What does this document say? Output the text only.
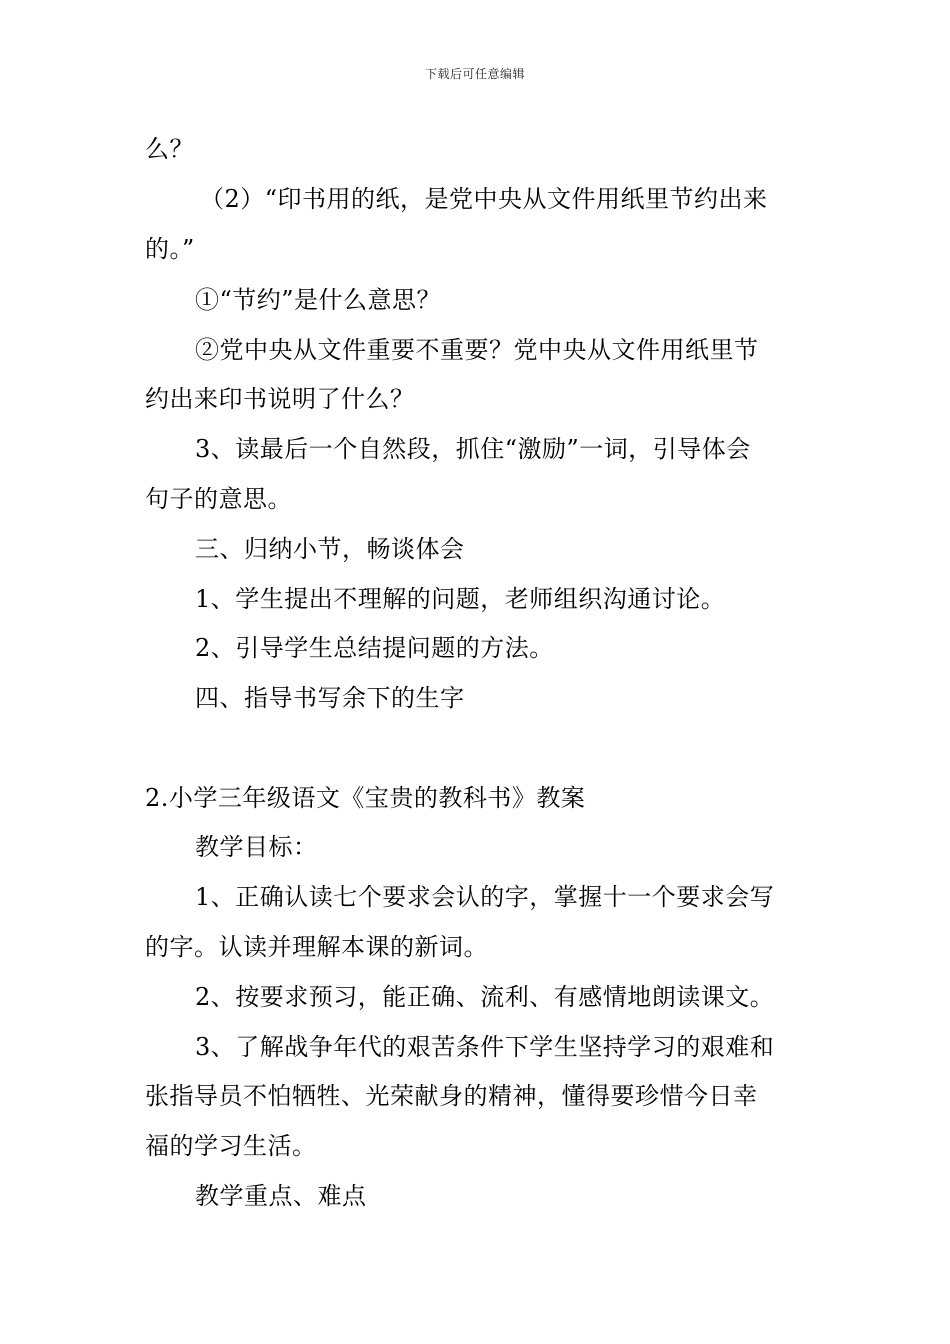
下载后可任意编辑
么？
（2）“印书用的纸，是党中央从文件用纸里节约出来
的。”
①“节约”是什么意思？
②党中央从文件重要不重要？党中央从文件用纸里节
约出来印书说明了什么？
3、读最后一个自然段，抓住“激励”一词，引导体会
句子的意思。
三、归纳小节，畅谈体会
1、学生提出不理解的问题，老师组织沟通讨论。
2、引导学生总结提问题的方法。
四、指导书写余下的生字
2.小学三年级语文《宝贵的教科书》教案
教学目标：
1、正确认读七个要求会认的字，掌握十一个要求会写
的字。认读并理解本课的新词。
2、按要求预习，能正确、流利、有感情地朗读课文。
3、了解战争年代的艰苦条件下学生坚持学习的艰难和
张指导员不怕牺牲、光荣献身的精神，懂得要珍惜今日幸
福的学习生活。
教学重点、难点
